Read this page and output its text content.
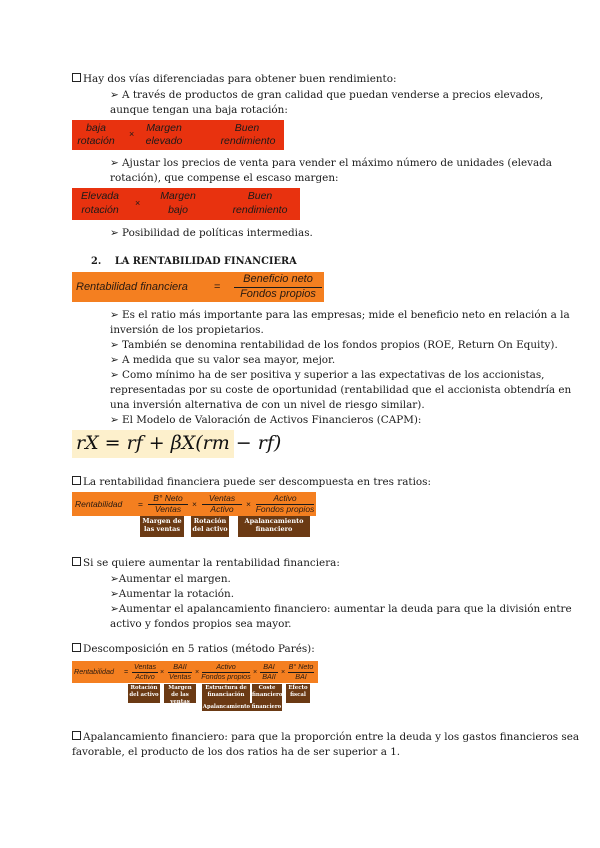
Hay dos vías diferenciadas para obtener buen rendimiento:
➢ A través de productos de gran calidad que puedan venderse a precios elevados,
aunque tengan una baja rotación:
baja
rotación
×	Margen
elevado
Buen
rendimiento
➢ Ajustar los precios de venta para vender el máximo número de unidades (elevada
rotación), que compense el escaso margen:
Elevada
rotación
×
Margen
bajo
Buen
rendimiento
➢ Posibilidad de políticas intermedias.
2. LA RENTABILIDAD FINANCIERA
Rentabilidad financiera =
Beneficio neto
Fondos propios
➢ Es el ratio más importante para las empresas; mide el beneficio neto en relación a la
inversión de los propietarios.
➢ También se denomina rentabilidad de los fondos propios (ROE, Return On Equity).
➢ A medida que su valor sea mayor, mejor.
➢ Como mínimo ha de ser positiva y superior a las expectativas de los accionistas,
representadas por su coste de oportunidad (rentabilidad que el accionista obtendría en
una inversión alternativa de con un nivel de riesgo similar).
➢ El Modelo de Valoración de Activos Financieros (CAPM):
rX = rf + βX(rm − rf)
La rentabilidad financiera puede ser descompuesta en tres ratios:
Rentabilidad =
B° Neto
Ventas	×
Ventas
Activo	×
Activo
Fondos propios
Margen de las ventas
Rotación del activo
Apalancamiento financiero
Si se quiere aumentar la rentabilidad financiera:
➢Aumentar el margen.
➢Aumentar la rotación.
➢Aumentar el apalancamiento financiero: aumentar la deuda para que la división entre
activo y fondos propios sea mayor.
Descomposición en 5 ratios (método Parés):
Rentabilidad =
Ventas
Activo
×
BAII
Ventas
×
Activo
Fondos propios
×
BAI
BAII
×
B° Neto
BAI
Rotación del activo
Margen de las ventas
Estructura de financiación
Coste financiero
Efecto fiscal
Apalancamiento financiero
Apalancamiento financiero: para que la proporción entre la deuda y los gastos financieros sea
favorable, el producto de los dos ratios ha de ser superior a 1.
